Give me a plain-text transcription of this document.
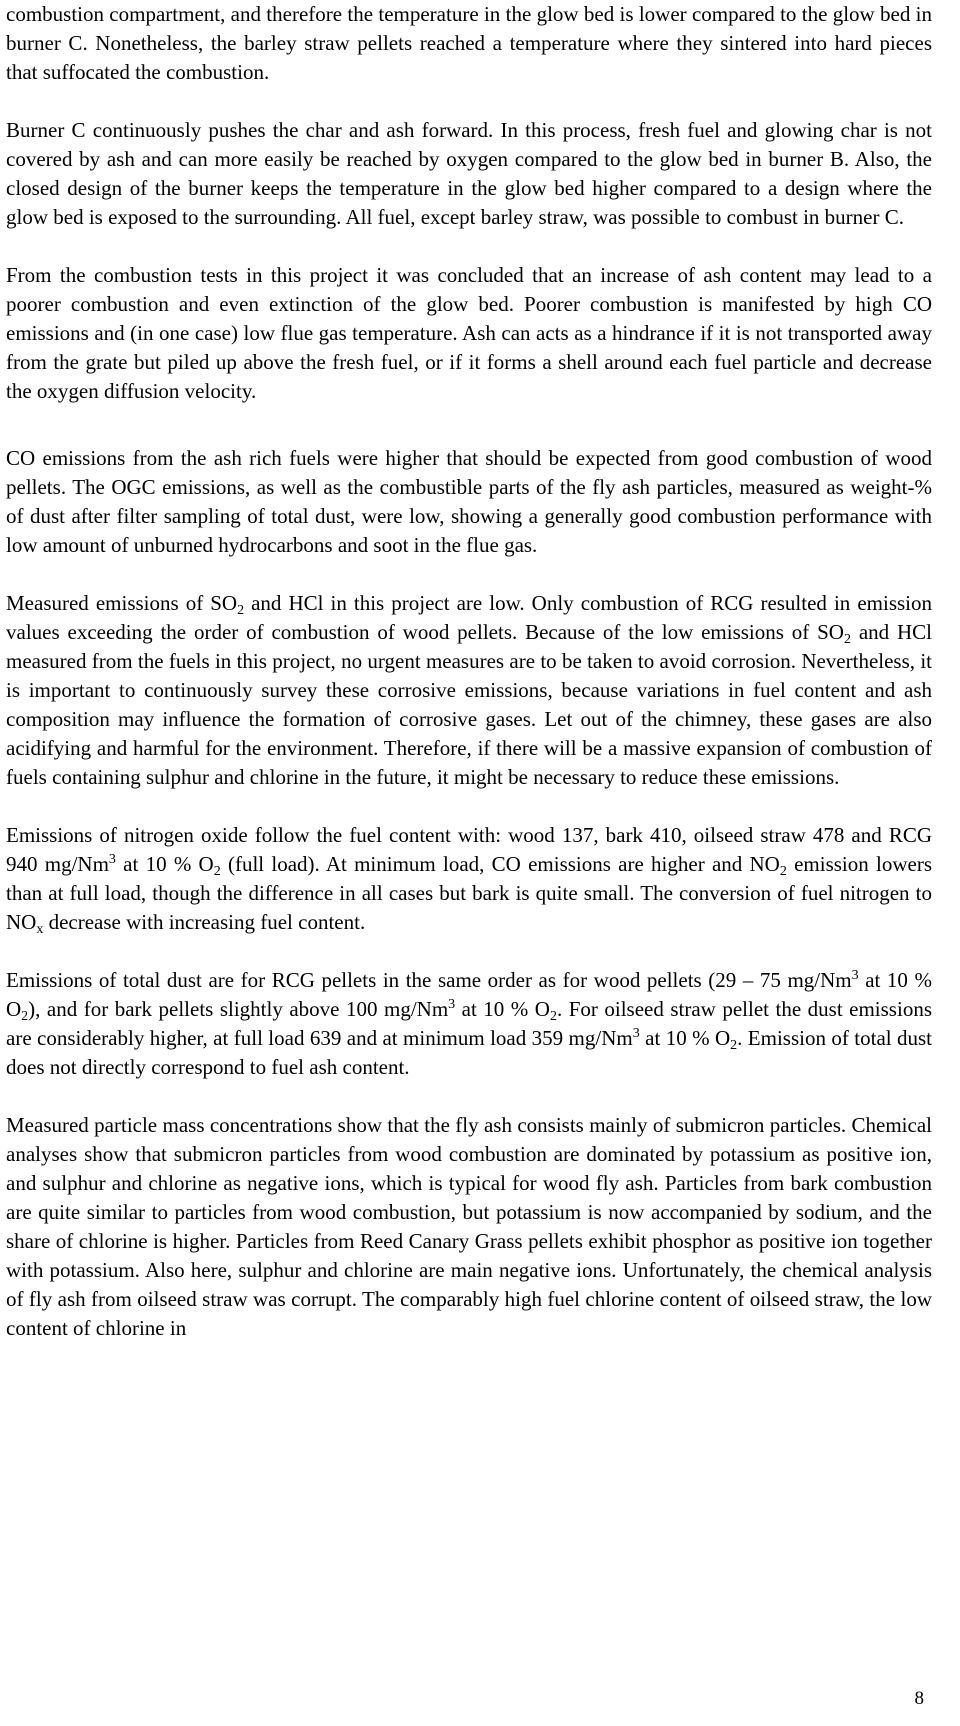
combustion compartment, and therefore the temperature in the glow bed is lower compared to the glow bed in burner C. Nonetheless, the barley straw pellets reached a temperature where they sintered into hard pieces that suffocated the combustion.

Burner C continuously pushes the char and ash forward. In this process, fresh fuel and glowing char is not covered by ash and can more easily be reached by oxygen compared to the glow bed in burner B. Also, the closed design of the burner keeps the temperature in the glow bed higher compared to a design where the glow bed is exposed to the surrounding. All fuel, except barley straw, was possible to combust in burner C.

From the combustion tests in this project it was concluded that an increase of ash content may lead to a poorer combustion and even extinction of the glow bed. Poorer combustion is manifested by high CO emissions and (in one case) low flue gas temperature. Ash can acts as a hindrance if it is not transported away from the grate but piled up above the fresh fuel, or if it forms a shell around each fuel particle and decrease the oxygen diffusion velocity.

CO emissions from the ash rich fuels were higher that should be expected from good combustion of wood pellets. The OGC emissions, as well as the combustible parts of the fly ash particles, measured as weight-% of dust after filter sampling of total dust, were low, showing a generally good combustion performance with low amount of unburned hydrocarbons and soot in the flue gas.

Measured emissions of $SO_2$ and HCl in this project are low. Only combustion of RCG resulted in emission values exceeding the order of combustion of wood pellets. Because of the low emissions of $SO_2$ and HCl measured from the fuels in this project, no urgent measures are to be taken to avoid corrosion. Nevertheless, it is important to continuously survey these corrosive emissions, because variations in fuel content and ash composition may influence the formation of corrosive gases. Let out of the chimney, these gases are also acidifying and harmful for the environment. Therefore, if there will be a massive expansion of combustion of fuels containing sulphur and chlorine in the future, it might be necessary to reduce these emissions.

Emissions of nitrogen oxide follow the fuel content with: wood 137, bark 410, oilseed straw 478 and RCG 940 mg/Nm$^3$ at 10 % $O_2$ (full load). At minimum load, CO emissions are higher and $NO_2$ emission lowers than at full load, though the difference in all cases but bark is quite small. The conversion of fuel nitrogen to $NO_x$ decrease with increasing fuel content.

Emissions of total dust are for RCG pellets in the same order as for wood pellets (29 – 75 mg/Nm$^3$ at 10 % $O_2$), and for bark pellets slightly above 100 mg/Nm$^3$ at 10 % $O_2$. For oilseed straw pellet the dust emissions are considerably higher, at full load 639 and at minimum load 359 mg/Nm$^3$ at 10 % $O_2$. Emission of total dust does not directly correspond to fuel ash content.

Measured particle mass concentrations show that the fly ash consists mainly of submicron particles. Chemical analyses show that submicron particles from wood combustion are dominated by potassium as positive ion, and sulphur and chlorine as negative ions, which is typical for wood fly ash. Particles from bark combustion are quite similar to particles from wood combustion, but potassium is now accompanied by sodium, and the share of chlorine is higher. Particles from Reed Canary Grass pellets exhibit phosphor as positive ion together with potassium. Also here, sulphur and chlorine are main negative ions. Unfortunately, the chemical analysis of fly ash from oilseed straw was corrupt. The comparably high fuel chlorine content of oilseed straw, the low content of chlorine in

8
